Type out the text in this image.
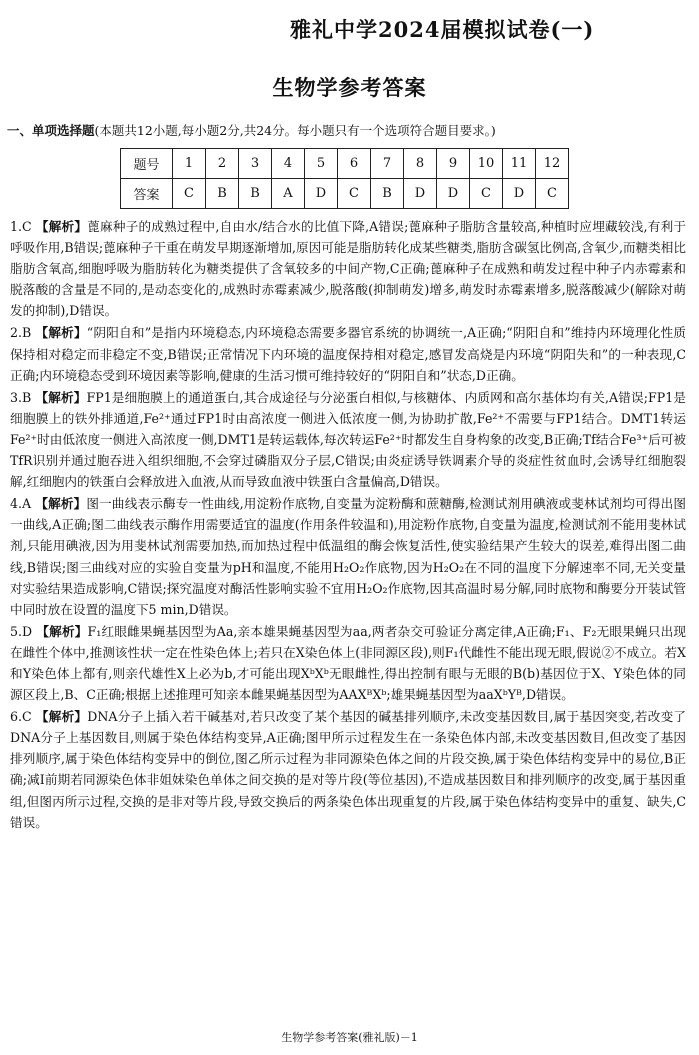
雅礼中学2024届模拟试卷(一)
生物学参考答案
一、单项选择题(本题共12小题,每小题2分,共24分。每小题只有一个选项符合题目要求。)
题号	1	2	3	4	5	6	7	8	9	10	11	12
答案	C	B	B	A	D	C	B	D	D	C	D	C

1.C 【解析】蓖麻种子的成熟过程中,自由水/结合水的比值下降,A错误;蓖麻种子脂肪含量较高,种植时应埋藏较浅,有利于呼吸作用,B错误;蓖麻种子干重在萌发早期逐渐增加,原因可能是脂肪转化成某些糖类,脂肪含碳氢比例高,含氧少,而糖类相比脂肪含氧高,细胞呼吸为脂肪转化为糖类提供了含氧较多的中间产物,C正确;蓖麻种子在成熟和萌发过程中种子内赤霉素和脱落酸的含量是不同的,是动态变化的,成熟时赤霉素减少,脱落酸(抑制萌发)增多,萌发时赤霉素增多,脱落酸减少(解除对萌发的抑制),D错误。

2.B 【解析】“阴阳自和”是指内环境稳态,内环境稳态需要多器官系统的协调统一,A正确;“阴阳自和”维持内环境理化性质保持相对稳定而非稳定不变,B错误;正常情况下内环境的温度保持相对稳定,感冒发高烧是内环境“阴阳失和”的一种表现,C正确;内环境稳态受到环境因素等影响,健康的生活习惯可维持较好的“阴阳自和”状态,D正确。

3.B 【解析】FP1是细胞膜上的通道蛋白,其合成途径与分泌蛋白相似,与核糖体、内质网和高尔基体均有关,A错误;FP1是细胞膜上的铁外排通道,Fe²⁺通过FP1时由高浓度一侧进入低浓度一侧,为协助扩散,Fe²⁺不需要与FP1结合。DMT1转运Fe²⁺时由低浓度一侧进入高浓度一侧,DMT1是转运载体,每次转运Fe²⁺时都发生自身构象的改变,B正确;Tf结合Fe³⁺后可被TfR识别并通过胞吞进入组织细胞,不会穿过磷脂双分子层,C错误;由炎症诱导铁调素介导的炎症性贫血时,会诱导红细胞裂解,红细胞内的铁蛋白会释放进入血液,从而导致血液中铁蛋白含量偏高,D错误。

4.A 【解析】图一曲线表示酶专一性曲线,用淀粉作底物,自变量为淀粉酶和蔗糖酶,检测试剂用碘液或斐林试剂均可得出图一曲线,A正确;图二曲线表示酶作用需要适宜的温度(作用条件较温和),用淀粉作底物,自变量为温度,检测试剂不能用斐林试剂,只能用碘液,因为用斐林试剂需要加热,而加热过程中低温组的酶会恢复活性,使实验结果产生较大的误差,难得出图二曲线,B错误;图三曲线对应的实验自变量为pH和温度,不能用H₂O₂作底物,因为H₂O₂在不同的温度下分解速率不同,无关变量对实验结果造成影响,C错误;探究温度对酶活性影响实验不宜用H₂O₂作底物,因其高温时易分解,同时底物和酶要分开装试管中同时放在设置的温度下5 min,D错误。

5.D 【解析】F₁红眼雌果蝇基因型为Aa,亲本雄果蝇基因型为aa,两者杂交可验证分离定律,A正确;F₁、F₂无眼果蝇只出现在雌性个体中,推测该性状一定在性染色体上;若只在X染色体上(非同源区段),则F₁代雌性不能出现无眼,假说②不成立。若X和Y染色体上都有,则亲代雄性X上必为b,才可能出现XᵇXᵇ无眼雌性,得出控制有眼与无眼的B(b)基因位于X、Y染色体的同源区段上,B、C正确;根据上述推理可知亲本雌果蝇基因型为AAXᴮXᵇ;雄果蝇基因型为aaXᵇYᴮ,D错误。

6.C 【解析】DNA分子上插入若干碱基对,若只改变了某个基因的碱基排列顺序,未改变基因数目,属于基因突变,若改变了DNA分子上基因数目,则属于染色体结构变异,A正确;图甲所示过程发生在一条染色体内部,未改变基因数目,但改变了基因排列顺序,属于染色体结构变异中的倒位,图乙所示过程为非同源染色体之间的片段交换,属于染色体结构变异中的易位,B正确;减Ⅰ前期若同源染色体非姐妹染色单体之间交换的是对等片段(等位基因),不造成基因数目和排列顺序的改变,属于基因重组,但图丙所示过程,交换的是非对等片段,导致交换后的两条染色体出现重复的片段,属于染色体结构变异中的重复、缺失,C错误。

生物学参考答案(雅礼版)－1
